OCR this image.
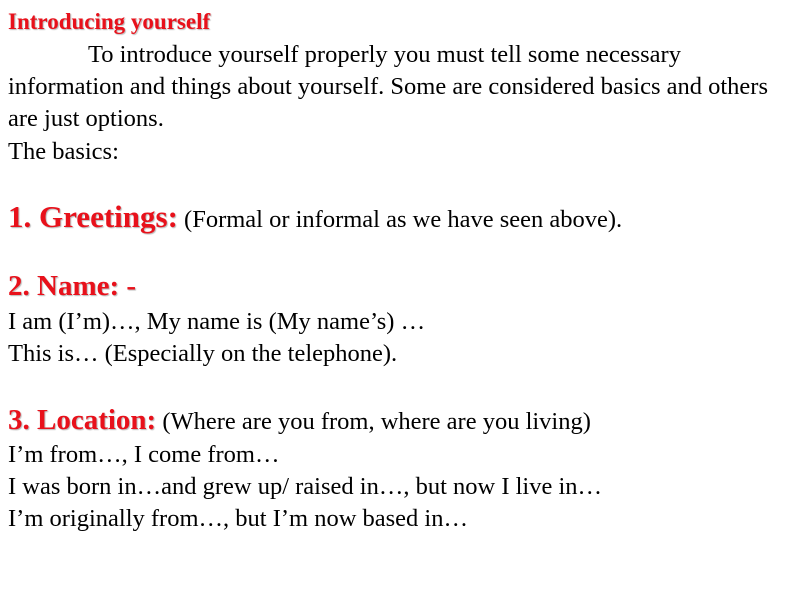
Introducing yourself

To introduce yourself properly you must tell some necessary information and things about yourself. Some are considered basics and others are just options.

The basics:

1. Greetings: (Formal or informal as we have seen above).

2. Name: -

I am (I’m)…, My name is (My name’s) …

This is… (Especially on the telephone).

3. Location: (Where are you from, where are you living)

I’m from…, I come from…

I was born in…and grew up/ raised in…, but now I live in…

I’m originally from…, but I’m now based in…
